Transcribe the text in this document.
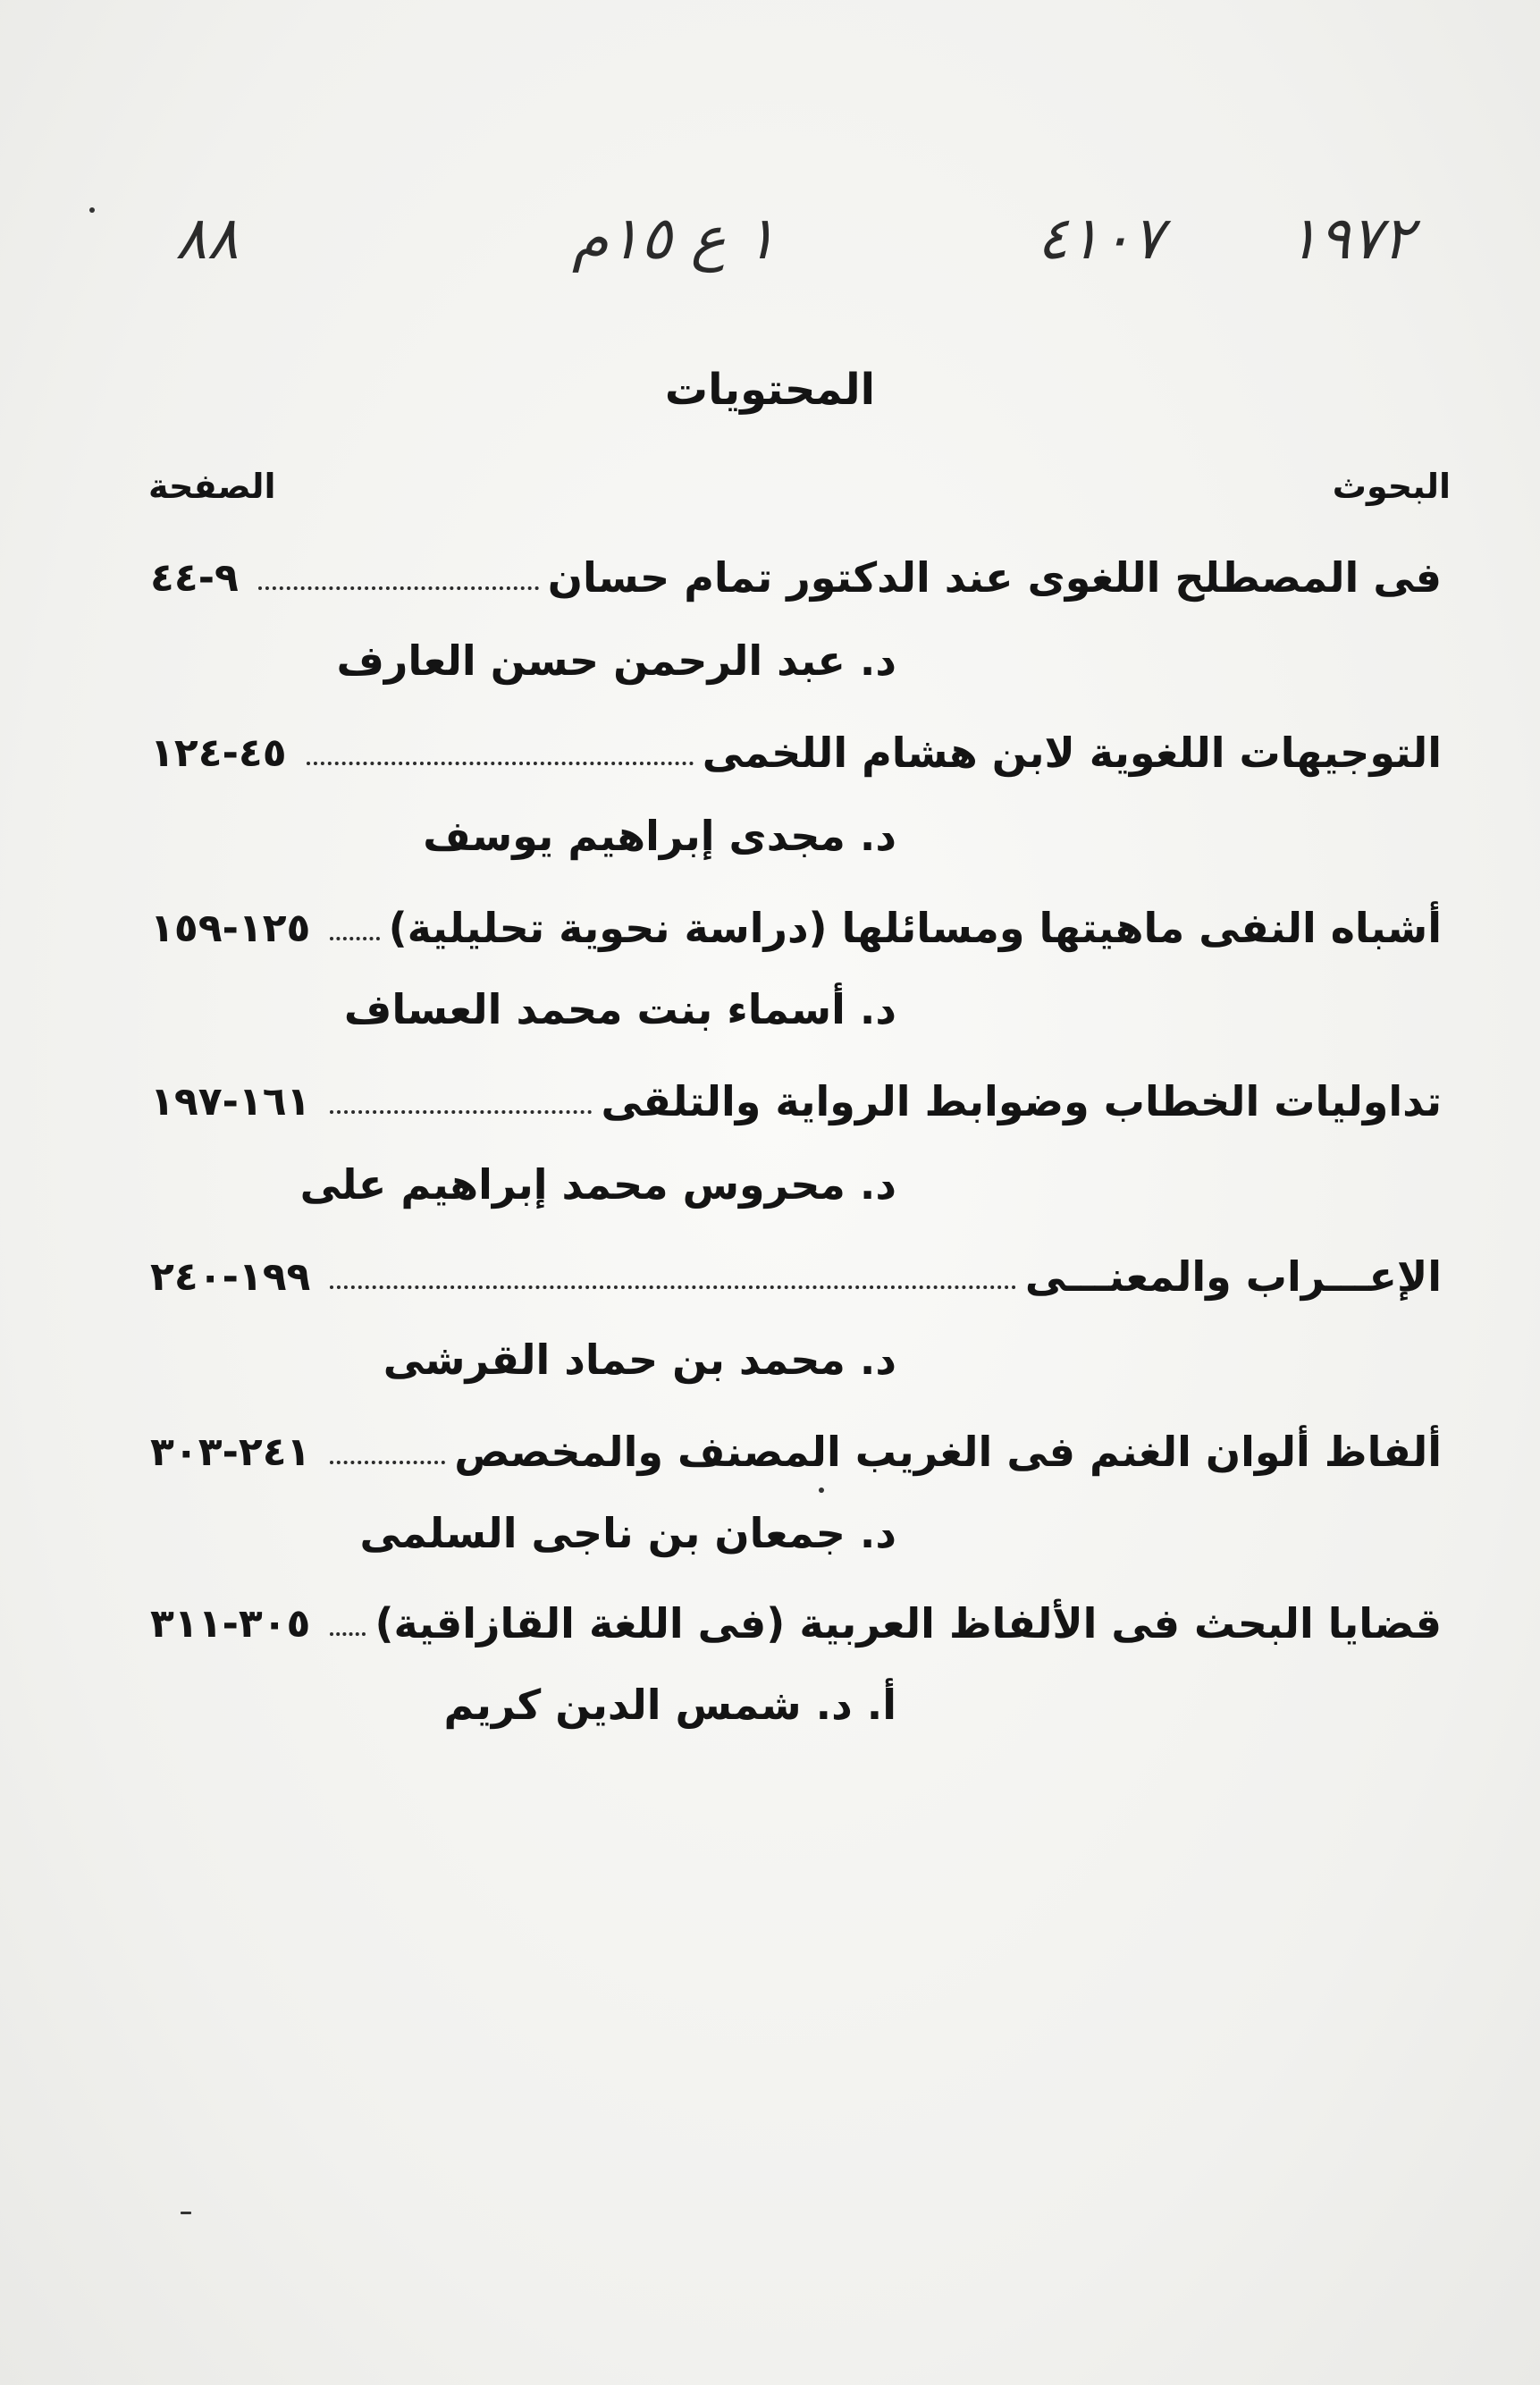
٨٨	١ ع ١٥م	٤١٠٧ ١٩٧٢
المحتويات
البحوث
الصفحة
فى المصطلح اللغوى عند الدكتور تمام حسان
٩-٤٤
د. عبد الرحمن حسن العارف
التوجيهات اللغوية لابن هشام اللخمى
٤٥-١٢٤
د. مجدى إبراهيم يوسف
أشباه النفى ماهيتها ومسائلها (دراسة نحوية تحليلية)
١٢٥-١٥٩
د. أسماء بنت محمد العساف
تداوليات الخطاب وضوابط الرواية والتلقى
١٦١-١٩٧
د. محروس محمد إبراهيم على
الإعـــراب والمعنـــى
١٩٩-٢٤٠
د. محمد بن حماد القرشى
ألفاظ ألوان الغنم فى الغريب المصنف والمخصص
٢٤١-٣٠٣
د. جمعان بن ناجى السلمى
قضايا البحث فى الألفاظ العربية (فى اللغة القازاقية)
٣٠٥-٣١١
أ. د. شمس الدين كريم
